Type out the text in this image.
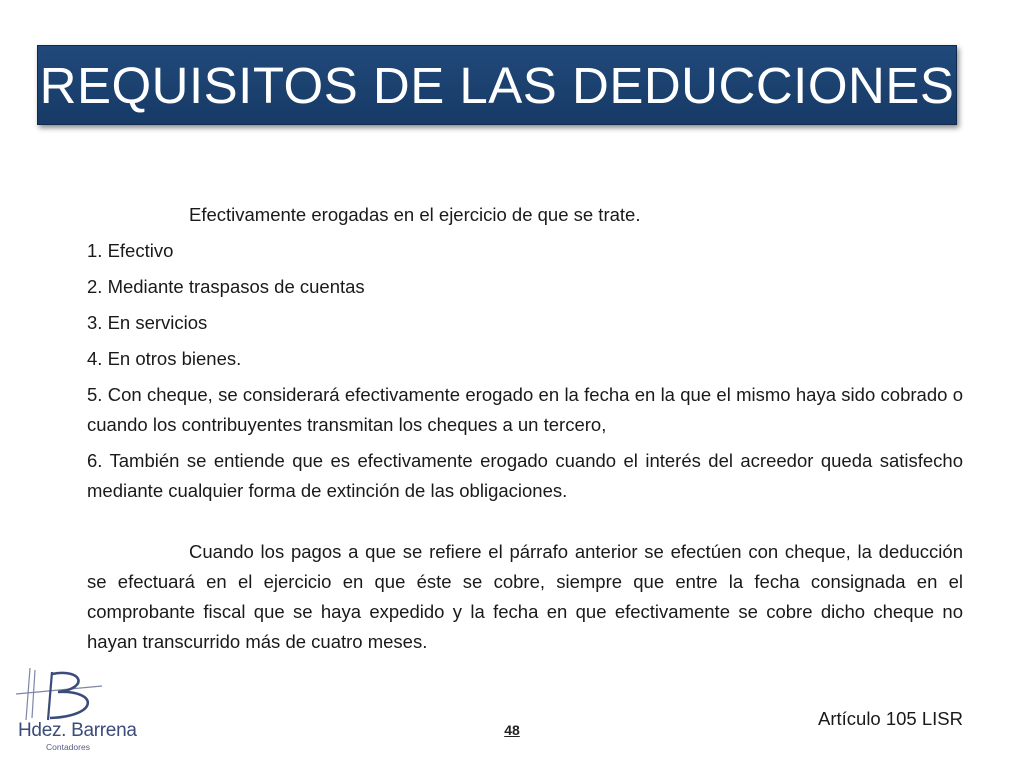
REQUISITOS DE LAS DEDUCCIONES

Efectivamente erogadas en el ejercicio de que se trate.

1. Efectivo

2. Mediante traspasos de cuentas

3. En servicios

4. En otros bienes.

5. Con cheque, se considerará efectivamente erogado en la fecha en la que el mismo haya sido cobrado o cuando los contribuyentes transmitan los cheques a un tercero,

6. También se entiende que es efectivamente erogado cuando el interés del acreedor queda satisfecho mediante cualquier forma de extinción de las obligaciones.

Cuando los pagos a que se refiere el párrafo anterior se efectúen con cheque, la deducción se efectuará en el ejercicio en que éste se cobre, siempre que entre la fecha consignada en el comprobante fiscal que se haya expedido y la fecha en que efectivamente se cobre dicho cheque no hayan transcurrido más de cuatro meses.

Artículo 105 LISR
48
Hdez. Barrena
Contadores
